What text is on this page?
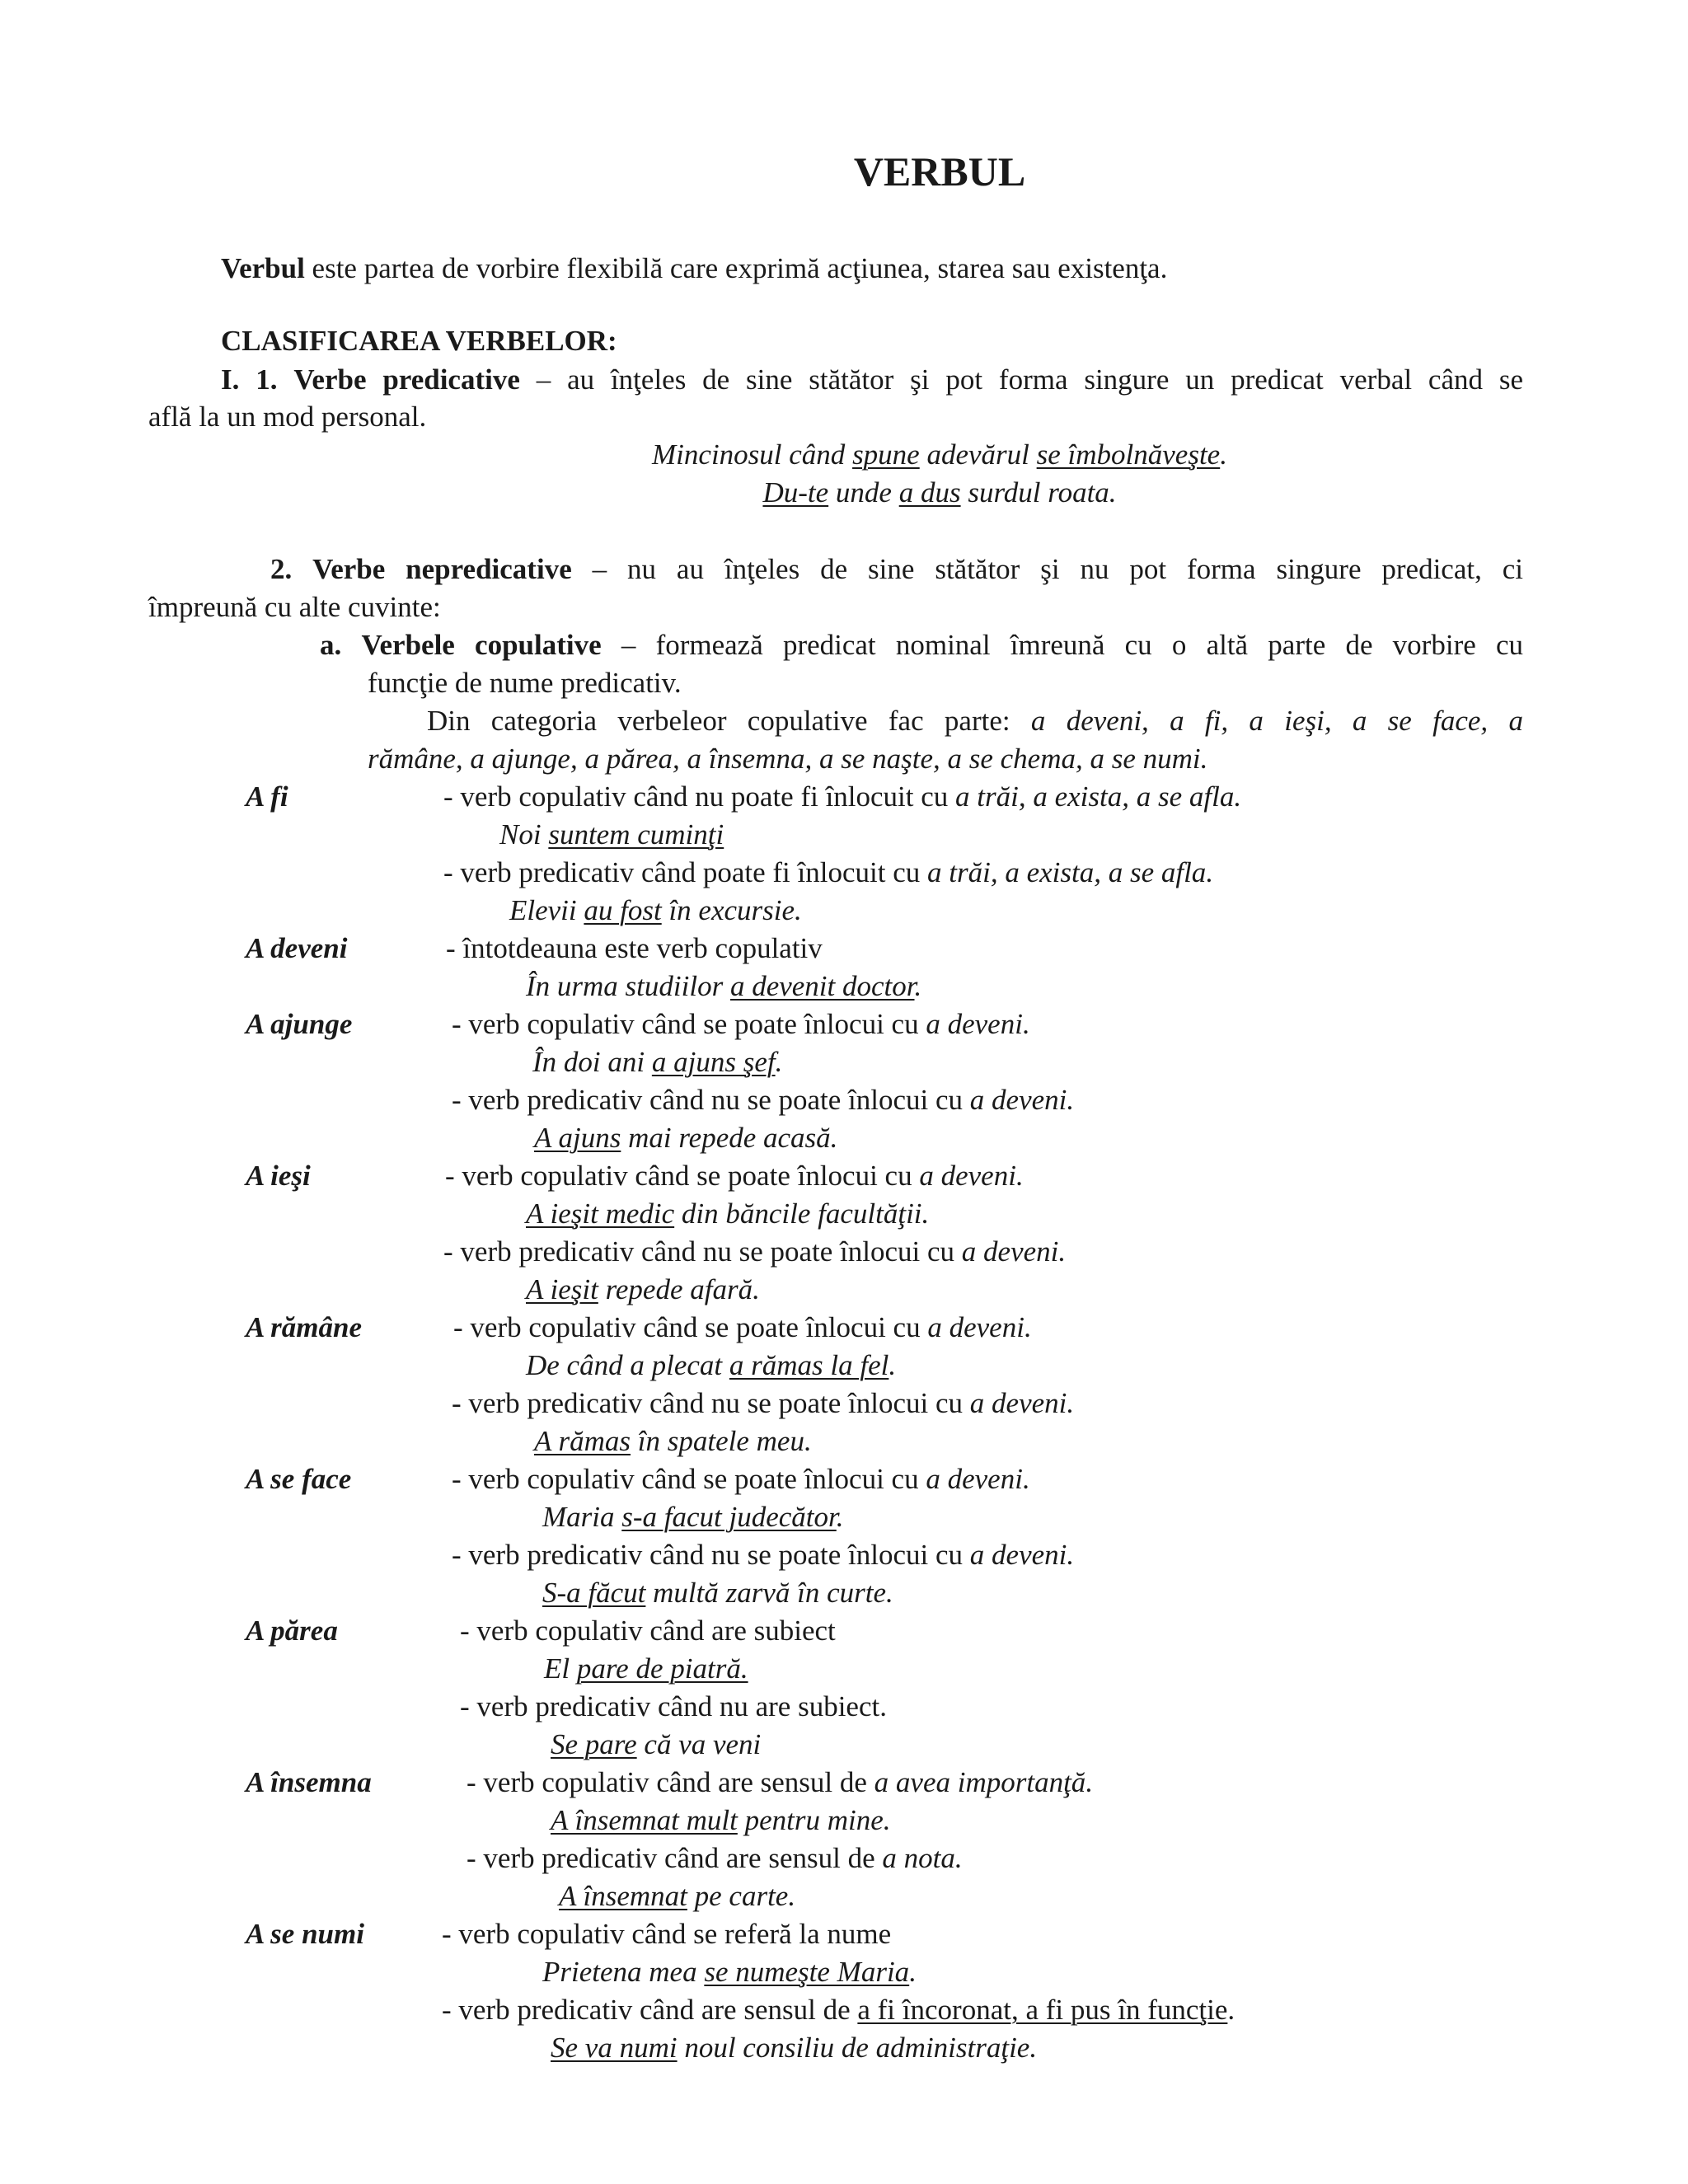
VERBUL
Verbul este partea de vorbire flexibilă care exprimă acţiunea, starea sau existenţa.
CLASIFICAREA VERBELOR:
I. 1. Verbe predicative – au înţeles de sine stătător şi pot forma singure un predicat verbal când se
află la un mod personal.
Mincinosul când spune adevărul se îmbolnăveşte.
Du-te unde a dus surdul roata.
2. Verbe nepredicative – nu au înţeles de sine stătător şi nu pot forma singure predicat, ci
împreună cu alte cuvinte:
a. Verbele copulative – formează predicat nominal îmreună cu o altă parte de vorbire cu
funcţie de nume predicativ.
Din categoria verbeleor copulative fac parte: a deveni, a fi, a ieşi, a se face, a
rămâne, a ajunge, a părea, a însemna, a se naşte, a se chema, a se numi.
A fi	- verb copulativ când nu poate fi înlocuit cu a trăi, a exista, a se afla.
Noi suntem cuminţi
- verb predicativ când poate fi înlocuit cu a trăi, a exista, a se afla.
Elevii au fost în excursie.
A deveni	- întotdeauna este verb copulativ
În urma studiilor a devenit doctor.
A ajunge	- verb copulativ când se poate înlocui cu a deveni.
În doi ani a ajuns şef.
- verb predicativ când nu se poate înlocui cu a deveni.
A ajuns mai repede acasă.
A ieşi	- verb copulativ când se poate înlocui cu a deveni.
A ieşit medic din băncile facultăţii.
- verb predicativ când nu se poate înlocui cu a deveni.
A ieşit repede afară.
A rămâne	- verb copulativ când se poate înlocui cu a deveni.
De când a plecat a rămas la fel.
- verb predicativ când nu se poate înlocui cu a deveni.
A rămas în spatele meu.
A se face	- verb copulativ când se poate înlocui cu a deveni.
Maria s-a facut judecător.
- verb predicativ când nu se poate înlocui cu a deveni.
S-a făcut multă zarvă în curte.
A părea	- verb copulativ când are subiect
El pare de piatră.
- verb predicativ când nu are subiect.
Se pare că va veni
A însemna	- verb copulativ când are sensul de a avea importanţă.
A însemnat mult pentru mine.
- verb predicativ când are sensul de a nota.
A însemnat pe carte.
A se numi	- verb copulativ când se referă la nume
Prietena mea se numeşte Maria.
- verb predicativ când are sensul de a fi încoronat, a fi pus în funcţie.
Se va numi noul consiliu de administraţie.
